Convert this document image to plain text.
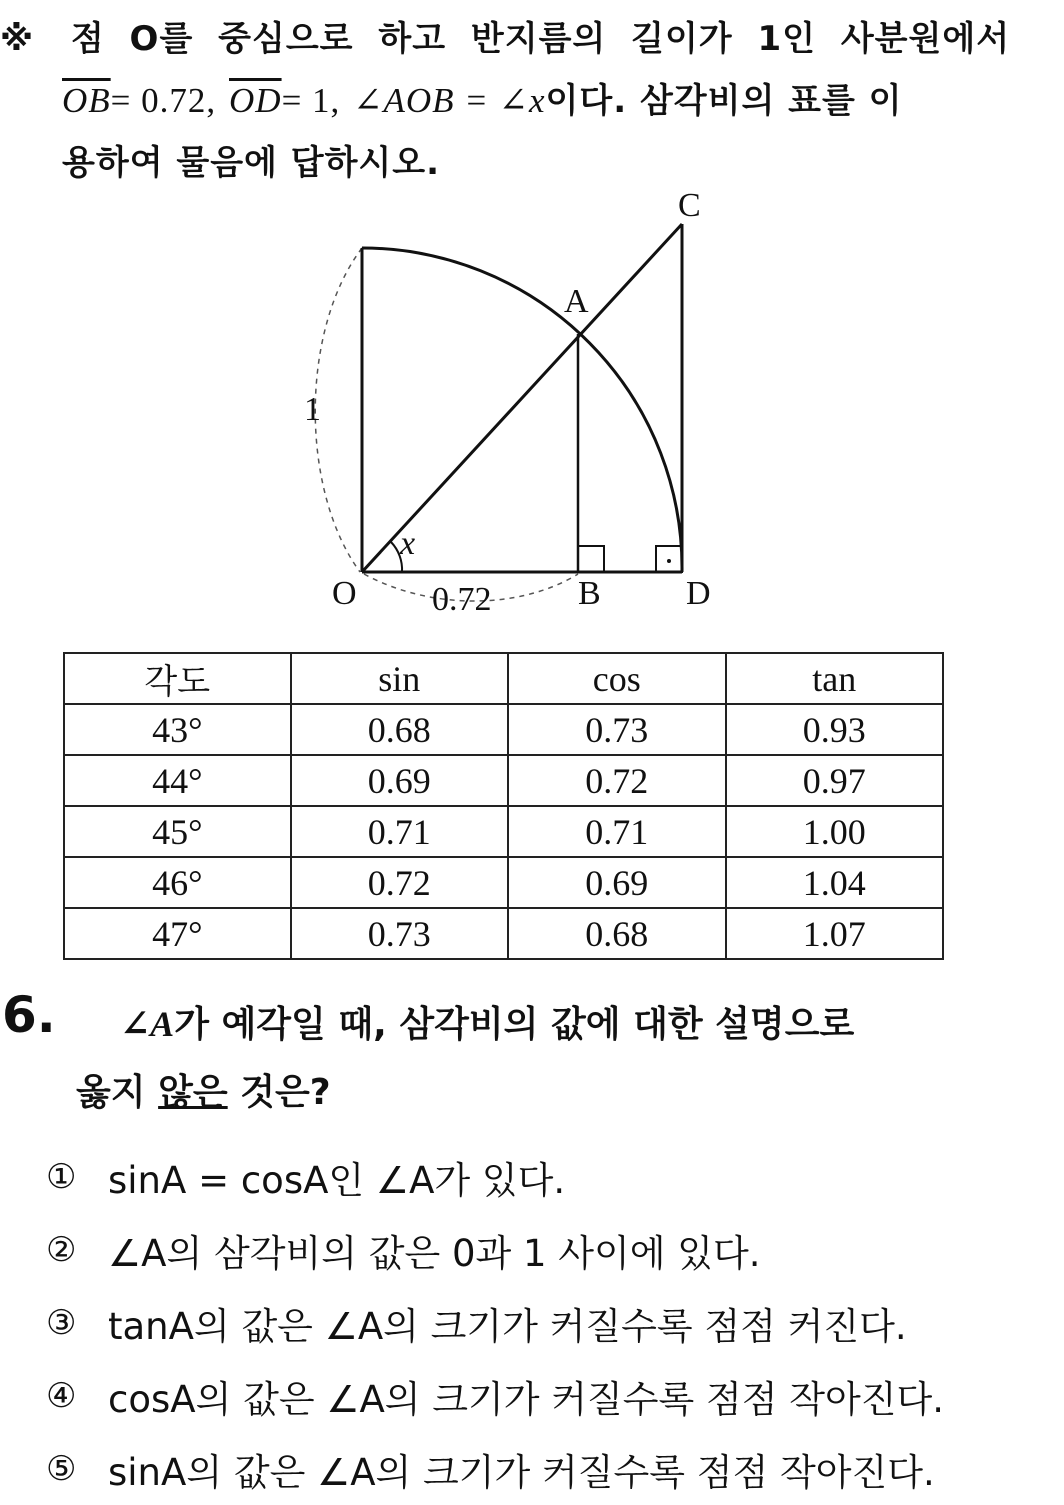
※ 점 O를 중심으로 하고 반지름의 길이가 1인 사분원에서
$\overline{OB}= 0.72$, $\overline{OD}= 1$, ∠AOB = ∠x이다. 삼각비의 표를 이
용하여 물음에 답하시오.
C
A
1
x
O 0.72	B	D
각도	sin	cos	tan
43°	0.68	0.73	0.93
44°	0.69	0.72	0.97
45°	0.71	0.71	1.00
46°	0.72	0.69	1.04
47°	0.73	0.68	1.07
6. ∠A가 예각일 때, 삼각비의 값에 대한 설명으로
옳지 않은 것은?
① sinA = cosA인 ∠A가 있다.
② ∠A의 삼각비의 값은 0과 1 사이에 있다.
③ tanA의 값은 ∠A의 크기가 커질수록 점점 커진다.
④ cosA의 값은 ∠A의 크기가 커질수록 점점 작아진다.
⑤ sinA의 값은 ∠A의 크기가 커질수록 점점 작아진다.
